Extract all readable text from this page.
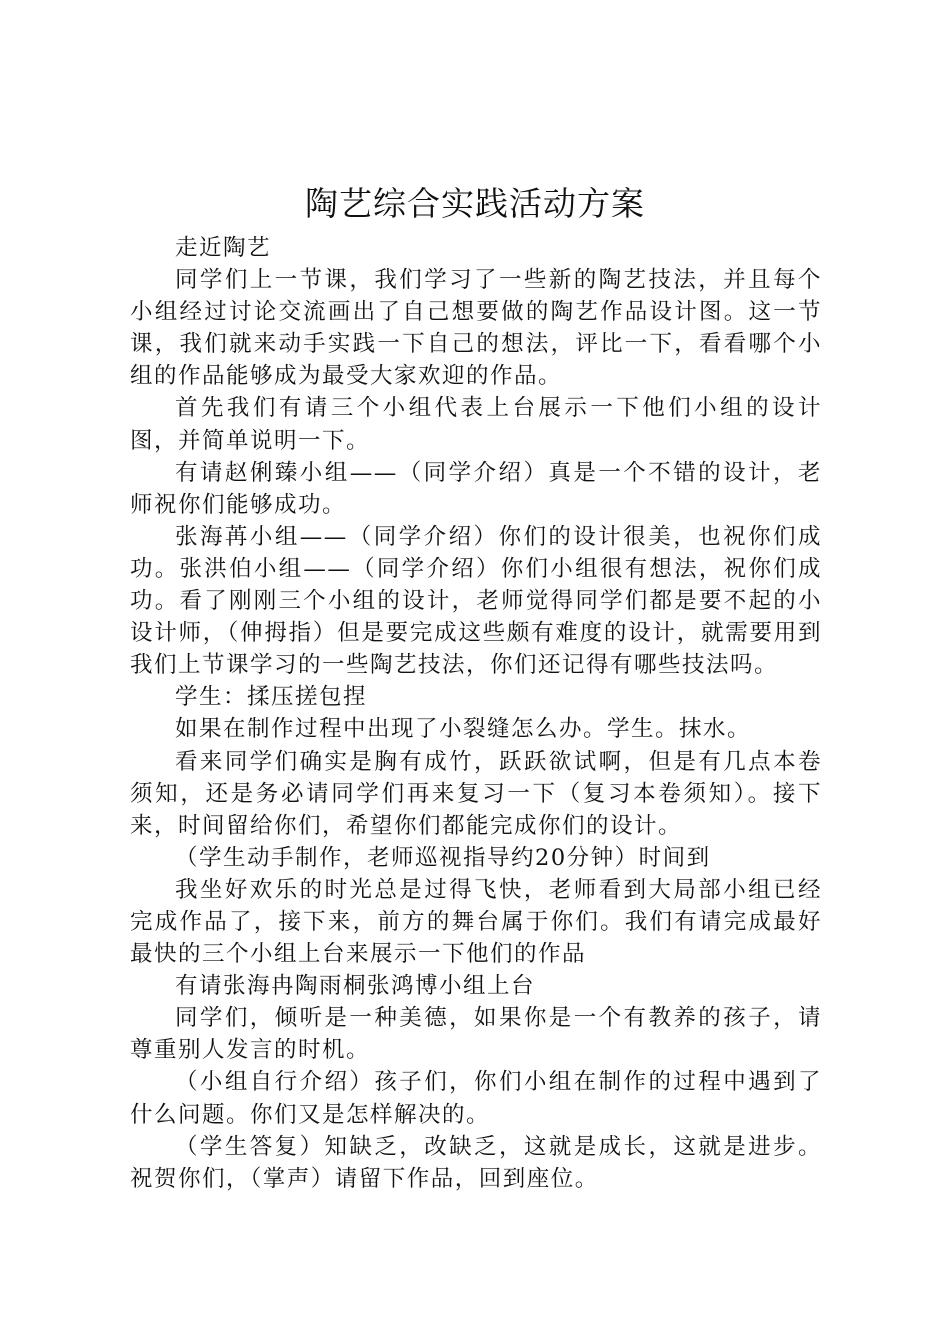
陶艺综合实践活动方案

走近陶艺

同学们上一节课，我们学习了一些新的陶艺技法，并且每个小组经过讨论交流画出了自己想要做的陶艺作品设计图。这一节课，我们就来动手实践一下自己的想法，评比一下，看看哪个小组的作品能够成为最受大家欢迎的作品。

首先我们有请三个小组代表上台展示一下他们小组的设计图，并简单说明一下。

有请赵俐臻小组——（同学介绍）真是一个不错的设计，老师祝你们能够成功。

张海苒小组——（同学介绍）你们的设计很美，也祝你们成功。张洪伯小组——（同学介绍）你们小组很有想法，祝你们成功。看了刚刚三个小组的设计，老师觉得同学们都是要不起的小设计师，（伸拇指）但是要完成这些颇有难度的设计，就需要用到我们上节课学习的一些陶艺技法，你们还记得有哪些技法吗。

学生：揉压搓包捏

如果在制作过程中出现了小裂缝怎么办。学生。抹水。

看来同学们确实是胸有成竹，跃跃欲试啊，但是有几点本卷须知，还是务必请同学们再来复习一下（复习本卷须知）。接下来，时间留给你们，希望你们都能完成你们的设计。

（学生动手制作，老师巡视指导约20分钟）时间到

我坐好欢乐的时光总是过得飞快，老师看到大局部小组已经完成作品了，接下来，前方的舞台属于你们。我们有请完成最好最快的三个小组上台来展示一下他们的作品

有请张海冉陶雨桐张鸿博小组上台

同学们，倾听是一种美德，如果你是一个有教养的孩子，请尊重别人发言的时机。

（小组自行介绍）孩子们，你们小组在制作的过程中遇到了什么问题。你们又是怎样解决的。

（学生答复）知缺乏，改缺乏，这就是成长，这就是进步。祝贺你们，（掌声）请留下作品，回到座位。
